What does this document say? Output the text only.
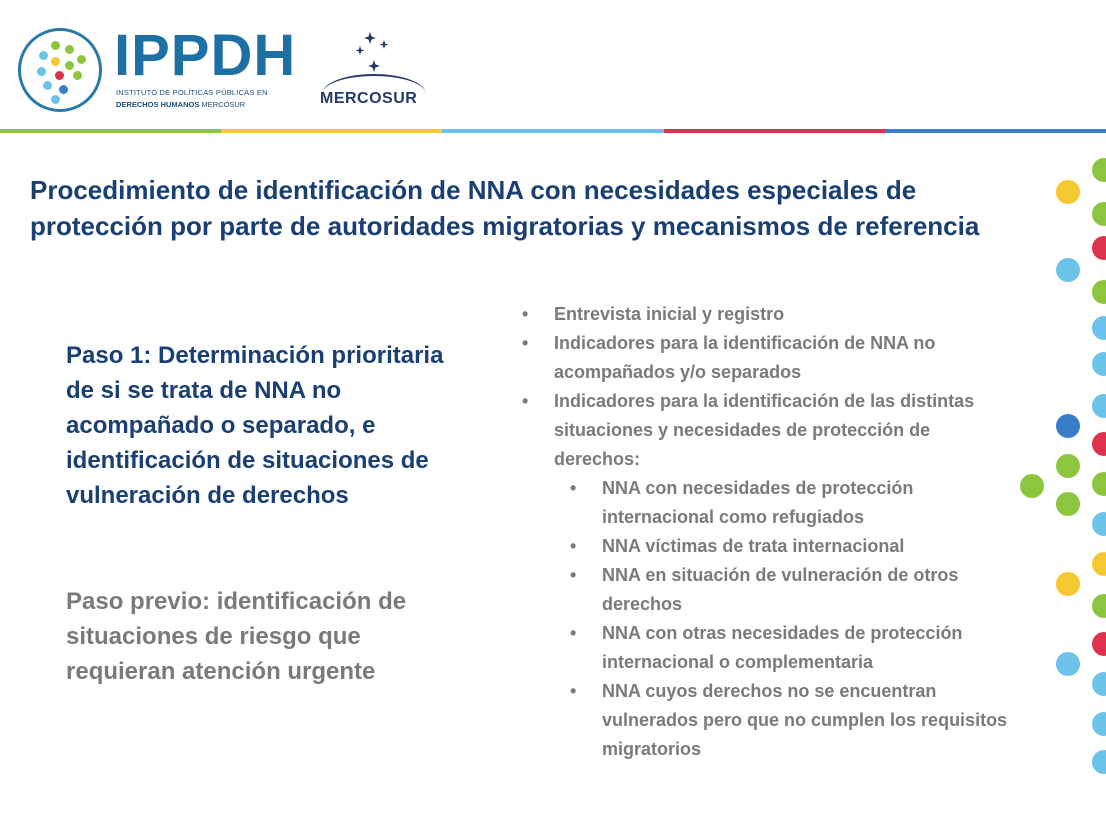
IPPDH
INSTITUTO DE POLÍTICAS PÚBLICAS EN
DERECHOS HUMANOS MERCOSUR	MERCOSUR
Procedimiento de identificación de NNA con necesidades especiales de protección por parte de autoridades migratorias y mecanismos de referencia
Paso 1: Determinación prioritaria de si se trata de NNA no acompañado o separado, e identificación de situaciones de vulneración de derechos
Paso previo: identificación de situaciones de riesgo que requieran atención urgente
• Entrevista inicial y registro
• Indicadores para la identificación de NNA no acompañados y/o separados
• Indicadores para la identificación de las distintas situaciones y necesidades de protección de derechos:
• NNA con necesidades de protección internacional como refugiados
• NNA víctimas de trata internacional
• NNA en situación de vulneración de otros derechos
• NNA con otras necesidades de protección internacional o complementaria
• NNA cuyos derechos no se encuentran vulnerados pero que no cumplen los requisitos migratorios
